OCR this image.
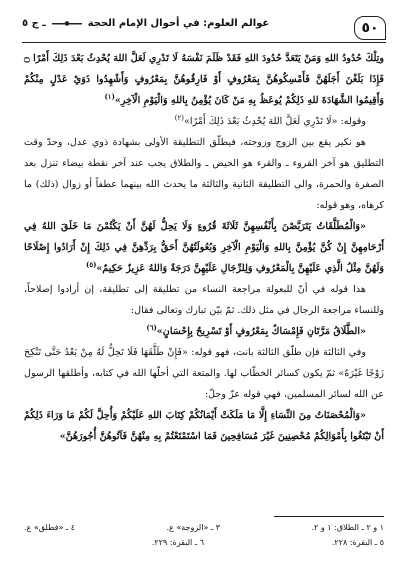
٥٠
عوالم العلوم: في أحوال الإمام الحجة
ـ ج ٥

وتِلْكَ حُدُودُ اللهِ وَمَنْ يَتَعَدَّ حُدُودَ اللهِ فَقَدْ ظَلَمَ نَفْسَهُ لَا تَدْرِي لَعَلَّ اللهَ يُحْدِثُ بَعْدَ ذَلِكَ أَمْرًا ۝ فَإِذَا بَلَغْنَ أَجَلَهُنَّ فَأَمْسِكُوهُنَّ بِمَعْرُوفٍ أَوْ فَارِقُوهُنَّ بِمَعْرُوفٍ وَأَشْهِدُوا ذَوَيْ عَدْلٍ مِنْكُمْ وَأَقِيمُوا الشَّهَادَةَ للهِ ذَلِكُمْ يُوعَظُ بِهِ مَنْ كَانَ يُؤْمِنُ بِاللهِ وَالْيَوْمِ الْآخِرِ»$^{(١)}$

وقوله: «لَا تَدْرِي لَعَلَّ اللهَ يُحْدِثُ بَعْدَ ذَلِكَ أَمْرًا»$^{(٢)}$

هو نكير يقع بين الزوج وزوجته، فيطلّق التطليقة الأولى بشهادة ذوي عدل، وحدّ وقت التطليق هو آخر القروء ـ والقرء هو الحيض ـ والطلاق يجب عند آخر نقطة بيضاء تنزل بعد الصفرة والحمرة، والى التطليقة الثانية والثالثة ما يحدث الله بينهما عطفاً أو زوال (ذلك) ما كرهاه، وهو قوله:

«وَالْمُطَلَّقَاتُ يَتَرَبَّصْنَ بِأَنْفُسِهِنَّ ثَلَاثَةَ قُرُوءٍ وَلَا يَحِلُّ لَهُنَّ أَنْ يَكْتُمْنَ مَا خَلَقَ اللهُ فِي أَرْحَامِهِنَّ إِنْ كُنَّ يُؤْمِنَّ بِاللهِ وَالْيَوْمِ الْآخِرِ وَبُعُولَتُهُنَّ أَحَقُّ بِرَدِّهِنَّ فِي ذَلِكَ إِنْ أَرَادُوا إِصْلَاحًا وَلَهُنَّ مِثْلُ الَّذِي عَلَيْهِنَّ بِالْمَعْرُوفِ وَلِلرِّجَالِ عَلَيْهِنَّ دَرَجَةٌ وَاللهُ عَزِيزٌ حَكِيمٌ»$^{(٥)}$

هذا قوله في أنّ للبعولة مراجعة النساء من تطليقة إلى تطليقة، إن أرادوا إصلاحاً، وللنساء مراجعة الرجال في مثل ذلك. ثمّ بيّن تبارك وتعالى فقال:

«الطَّلَاقُ مَرَّتَانِ فَإِمْسَاكٌ بِمَعْرُوفٍ أَوْ تَسْرِيحٌ بِإِحْسَانٍ»$^{(٦)}$

وفي الثالثة فإن طلّق الثالثة بانت، فهو قوله: «فَإِنْ طَلَّقَهَا فَلَا تَحِلُّ لَهُ مِنْ بَعْدُ حَتَّى تَنْكِحَ زَوْجًا غَيْرَهُ» ثمّ يكون كسائر الخطّاب لها. والمتعة التي أحلّها الله في كتابه، وأطلقها الرسول عن الله لسائر المسلمين، فهي قوله عزّ وجلّ:

«وَالْمُحْصَنَاتُ مِنَ النِّسَاءِ إِلَّا مَا مَلَكَتْ أَيْمَانُكُمْ كِتَابَ اللهِ عَلَيْكُمْ وَأُحِلَّ لَكُمْ مَا وَرَاءَ ذَلِكُمْ أَنْ تَبْتَغُوا بِأَمْوَالِكُمْ مُحْصِنِينَ غَيْرَ مُسَافِحِينَ فَمَا اسْتَمْتَعْتُمْ بِهِ مِنْهُنَّ فَآتُوهُنَّ أُجُورَهُنَّ»

١ و ٢ ـ الطلاق: ١ و ٢.
٣ ـ «الزوجة» ع.
٤ ـ «فطلق» ع.
٥ ـ البقرة: ٢٢٨.
٦ ـ البقرة: ٢٢٩.
